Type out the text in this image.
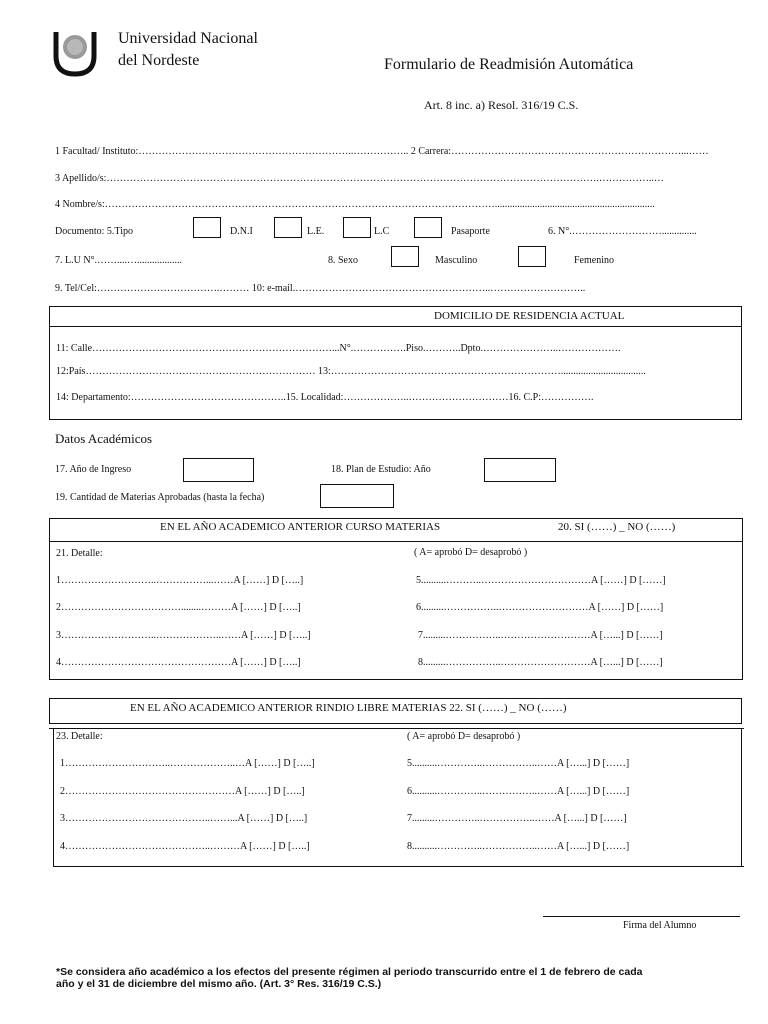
Universidad Nacional
del Nordeste	Formulario de Readmisión Automática
Art. 8 inc. a) Resol. 316/19 C.S.
1 Facultad/ Instituto:………………………………………………………..…………….. 2 Carrera:……………………………………………………………...……
3 Apellido/s:………………………………………………………………………………………………………………………………….……………..…
4 Nombre/s:………………………………………………………………………………………………………................................................................
Documento: 5.Tipo	D.N.I	L.E.	L.C	Pasaporte	6. N°.………………………..............
7. L.U N°.……....…..................	8. Sexo	Masculino	Femenino
9. Tel/Cel:……………………………….……… 10: e-mail.…………………………………………………..………………………..
DOMICILIO DE RESIDENCIA ACTUAL
11: Calle………………………………………………………………...N°.…………….Piso.………..Dpto.…………………..……………….
12:País…………………………………………………………… 13:……………………………………………………………..................................
14: Departamento:………………………………………..15. Localidad:………………..…………………………16. C.P:…………….
Datos Académicos
17. Año de Ingreso	18. Plan de Estudio: Año
19. Cantidad de Materias Aprobadas (hasta la fecha)
EN EL AÑO ACADEMICO ANTERIOR CURSO MATERIAS	20. SI (……) _ NO (……)
21. Detalle:	( A= aprobó D= desaprobó )
1………………………..……………...……A [……] D […..]
2………………………………........………A [……] D […..]
3………………………..………………..……A [……] D […..]
4……………………………………………A [……] D […..]
5..........………..……………………………A [……] D [……]
6.........……………..………………………A [……] D [……]
7.........……………..………………………A […...] D [……]
8.........……………..………………………A […...] D [……]
EN EL AÑO ACADEMICO ANTERIOR RINDIO LIBRE MATERIAS 22. SI (……) _ NO (……)
23. Detalle:	( A= aprobó D= desaprobó )
1…………………………..………………..…A [……] D […..]
2……………………………………………A [……] D […..]
3……………………………………..……...A [……] D […..]
4……………………………………..………A [……] D […..]
5..........…………..……………..……A […...] D [……]
6..........…………..……………..……A […...] D [……]
7.........…………..……………..……A […...] D [……]
8..........…………..……………..……A […...] D [……]
Firma del Alumno
*Se considera año académico a los efectos del presente régimen al periodo transcurrido entre el 1 de febrero de cada
año y el 31 de diciembre del mismo año. (Art. 3° Res. 316/19 C.S.)
